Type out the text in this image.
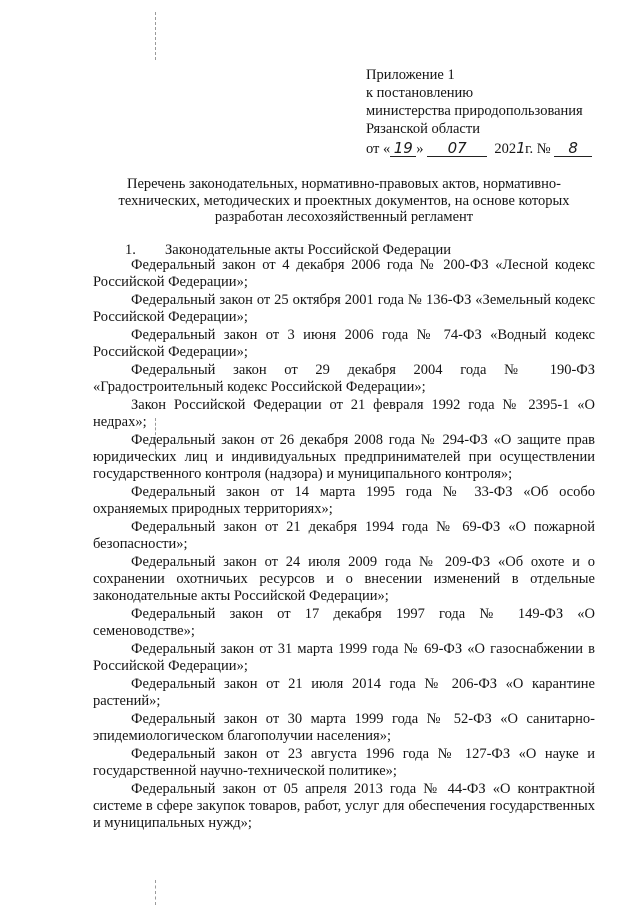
Приложение 1
к постановлению
министерства природопользования
Рязанской области
от « 19 » 07 2021г. № 8
Перечень законодательных, нормативно-правовых актов, нормативно-технических, методических и проектных документов, на основе которых разработан лесохозяйственный регламент
1. Законодательные акты Российской Федерации

Федеральный закон от 4 декабря 2006 года № 200-ФЗ «Лесной кодекс Российской Федерации»;

Федеральный закон от 25 октября 2001 года № 136-ФЗ «Земельный кодекс Российской Федерации»;

Федеральный закон от 3 июня 2006 года № 74-ФЗ «Водный кодекс Российской Федерации»;

Федеральный закон от 29 декабря 2004 года № 190-ФЗ «Градостроительный кодекс Российской Федерации»;

Закон Российской Федерации от 21 февраля 1992 года № 2395-1 «О недрах»;

Федеральный закон от 26 декабря 2008 года № 294-ФЗ «О защите прав юридических лиц и индивидуальных предпринимателей при осуществлении государственного контроля (надзора) и муниципального контроля»;

Федеральный закон от 14 марта 1995 года № 33-ФЗ «Об особо охраняемых природных территориях»;

Федеральный закон от 21 декабря 1994 года № 69-ФЗ «О пожарной безопасности»;

Федеральный закон от 24 июля 2009 года № 209-ФЗ «Об охоте и о сохранении охотничьих ресурсов и о внесении изменений в отдельные законодательные акты Российской Федерации»;

Федеральный закон от 17 декабря 1997 года № 149-ФЗ «О семеноводстве»;

Федеральный закон от 31 марта 1999 года № 69-ФЗ «О газоснабжении в Российской Федерации»;

Федеральный закон от 21 июля 2014 года № 206-ФЗ «О карантине растений»;

Федеральный закон от 30 марта 1999 года № 52-ФЗ «О санитарно-эпидемиологическом благополучии населения»;

Федеральный закон от 23 августа 1996 года № 127-ФЗ «О науке и государственной научно-технической политике»;

Федеральный закон от 05 апреля 2013 года № 44-ФЗ «О контрактной системе в сфере закупок товаров, работ, услуг для обеспечения государственных и муниципальных нужд»;
